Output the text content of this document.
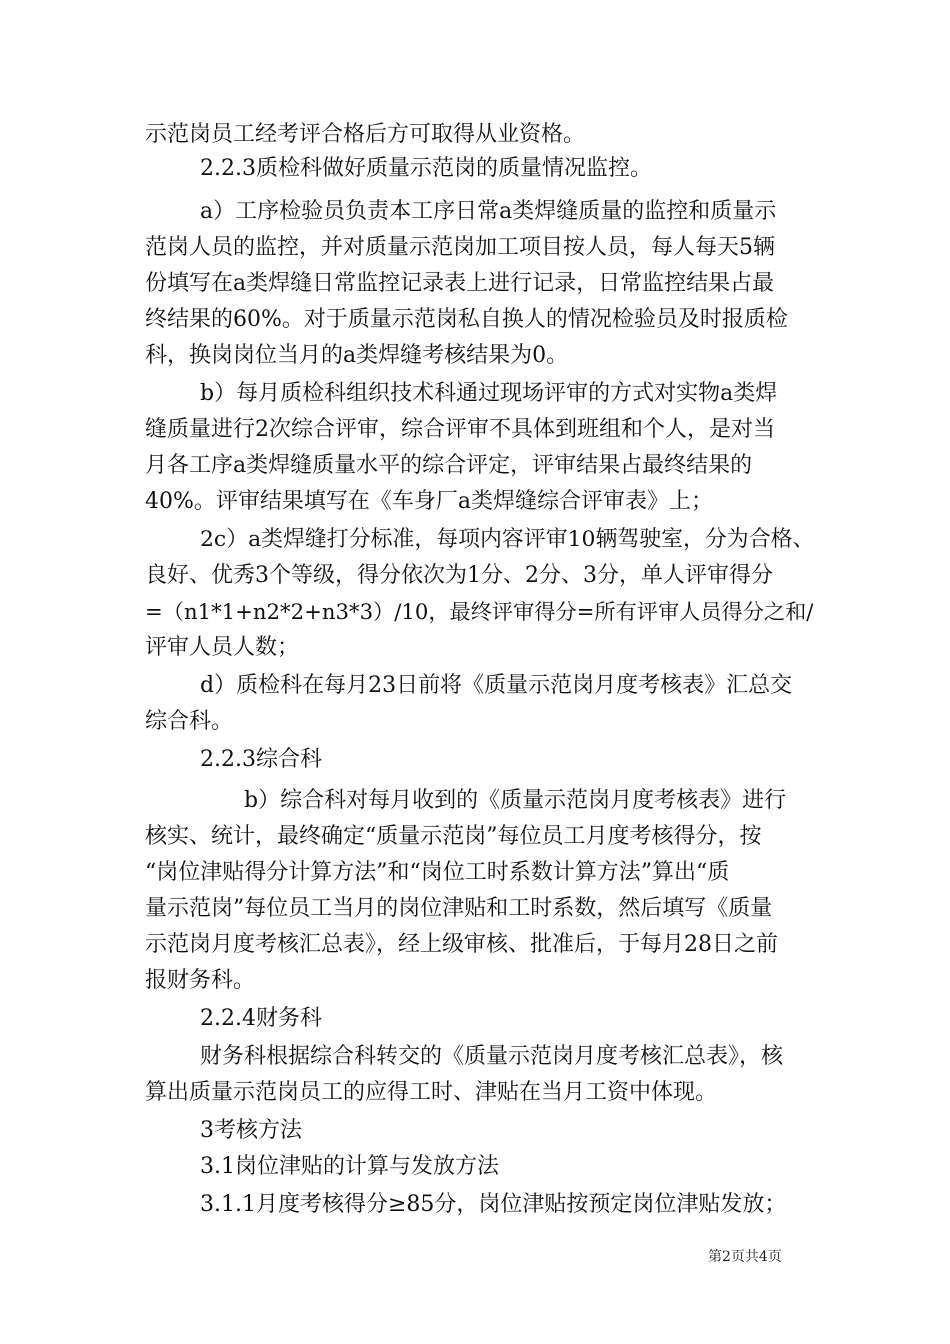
示范岗员工经考评合格后方可取得从业资格。
2.2.3质检科做好质量示范岗的质量情况监控。
a）工序检验员负责本工序日常a类焊缝质量的监控和质量示
范岗人员的监控，并对质量示范岗加工项目按人员，每人每天5辆
份填写在a类焊缝日常监控记录表上进行记录，日常监控结果占最
终结果的60%。对于质量示范岗私自换人的情况检验员及时报质检
科，换岗岗位当月的a类焊缝考核结果为0。
b）每月质检科组织技术科通过现场评审的方式对实物a类焊
缝质量进行2次综合评审，综合评审不具体到班组和个人，是对当
月各工序a类焊缝质量水平的综合评定，评审结果占最终结果的
40%。评审结果填写在《车身厂a类焊缝综合评审表》上；
2c）a类焊缝打分标准，每项内容评审10辆驾驶室，分为合格、
良好、优秀3个等级，得分依次为1分、2分、3分，单人评审得分
=（n1*1+n2*2+n3*3）/10，最终评审得分=所有评审人员得分之和/
评审人员人数；
d）质检科在每月23日前将《质量示范岗月度考核表》汇总交
综合科。
2.2.3综合科
b）综合科对每月收到的《质量示范岗月度考核表》进行
核实、统计，最终确定“质量示范岗”每位员工月度考核得分，按
“岗位津贴得分计算方法”和“岗位工时系数计算方法”算出“质
量示范岗”每位员工当月的岗位津贴和工时系数，然后填写《质量
示范岗月度考核汇总表》，经上级审核、批准后，于每月28日之前
报财务科。
2.2.4财务科
财务科根据综合科转交的《质量示范岗月度考核汇总表》，核
算出质量示范岗员工的应得工时、津贴在当月工资中体现。
3考核方法
3.1岗位津贴的计算与发放方法
3.1.1月度考核得分≥85分，岗位津贴按预定岗位津贴发放；
第2页共4页
